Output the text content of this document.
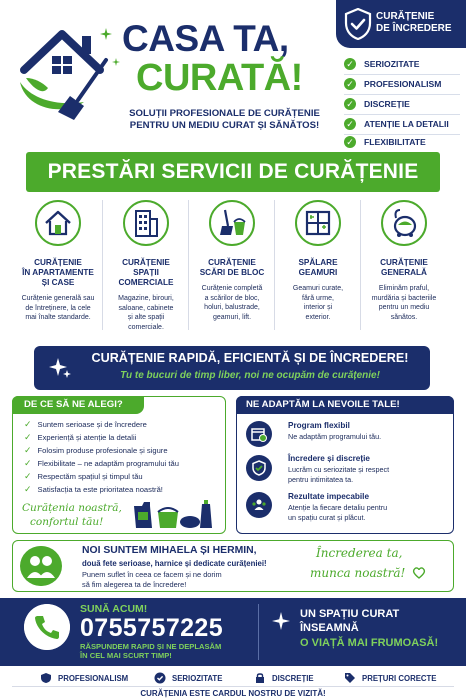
CASA TA,
CURATĂ!
SOLUȚII PROFESIONALE DE CURĂȚENIE
PENTRU UN MEDIU CURAT ȘI SĂNĂTOS!
CURĂȚENIE
DE ÎNCREDERE
✓ SERIOZITATE
✓ PROFESIONALISM
✓ DISCREȚIE
✓ ATENȚIE LA DETALII
✓ FLEXIBILITATE
PRESTĂRI SERVICII DE CURĂȚENIE
CURĂȚENIE
ÎN APARTAMENTE
ȘI CASE
Curățenie generală sau
de întreținere, la cele
mai înalte standarde.
CURĂȚENIE
SPAȚII
COMERCIALE
Magazine, birouri,
saloane, cabinete
și alte spații
comerciale.
CURĂȚENIE
SCĂRI DE BLOC
Curățenie completă
a scărilor de bloc,
holuri, balustrade,
geamuri, lift.
SPĂLARE
GEAMURI
Geamuri curate,
fără urme,
interior și
exterior.
CURĂȚENIE
GENERALĂ
Eliminăm praful,
murdăria și bacteriile
pentru un mediu
sănătos.
CURĂȚENIE RAPIDĂ, EFICIENTĂ ȘI DE ÎNCREDERE!
Tu te bucuri de timp liber, noi ne ocupăm de curățenie!
DE CE SĂ NE ALEGI?
✓ Suntem serioase și de încredere
✓ Experiență și atenție la detalii
✓ Folosim produse profesionale și sigure
✓ Flexibilitate – ne adaptăm programului tău
✓ Respectăm spațiul și timpul tău
✓ Satisfacția ta este prioritatea noastră!
Curățenia noastră,
confortul tău!
NE ADAPTĂM LA NEVOILE TALE!
Program flexibil
Ne adaptăm programului tău.
Încredere și discreție
Lucrăm cu seriozitate și respect
pentru intimitatea ta.
Rezultate impecabile
Atenție la fiecare detaliu pentru
un spațiu curat și plăcut.
NOI SUNTEM MIHAELA ȘI HERMIN,
două fete serioase, harnice și dedicate curățeniei!
Punem suflet în ceea ce facem și ne dorim
să fim alegerea ta de încredere!
Încrederea ta,
munca noastră!
SUNĂ ACUM!
0755757225
RĂSPUNDEM RAPID ȘI NE DEPLASĂM
ÎN CEL MAI SCURT TIMP!
UN SPAȚIU CURAT
ÎNSEAMNĂ
O VIAȚĂ MAI FRUMOASĂ!
PROFESIONALISM	SERIOZITATE	DISCREȚIE	PREȚURI CORECTE
CURĂȚENIA ESTE CARDUL NOSTRU DE VIZITĂ!
